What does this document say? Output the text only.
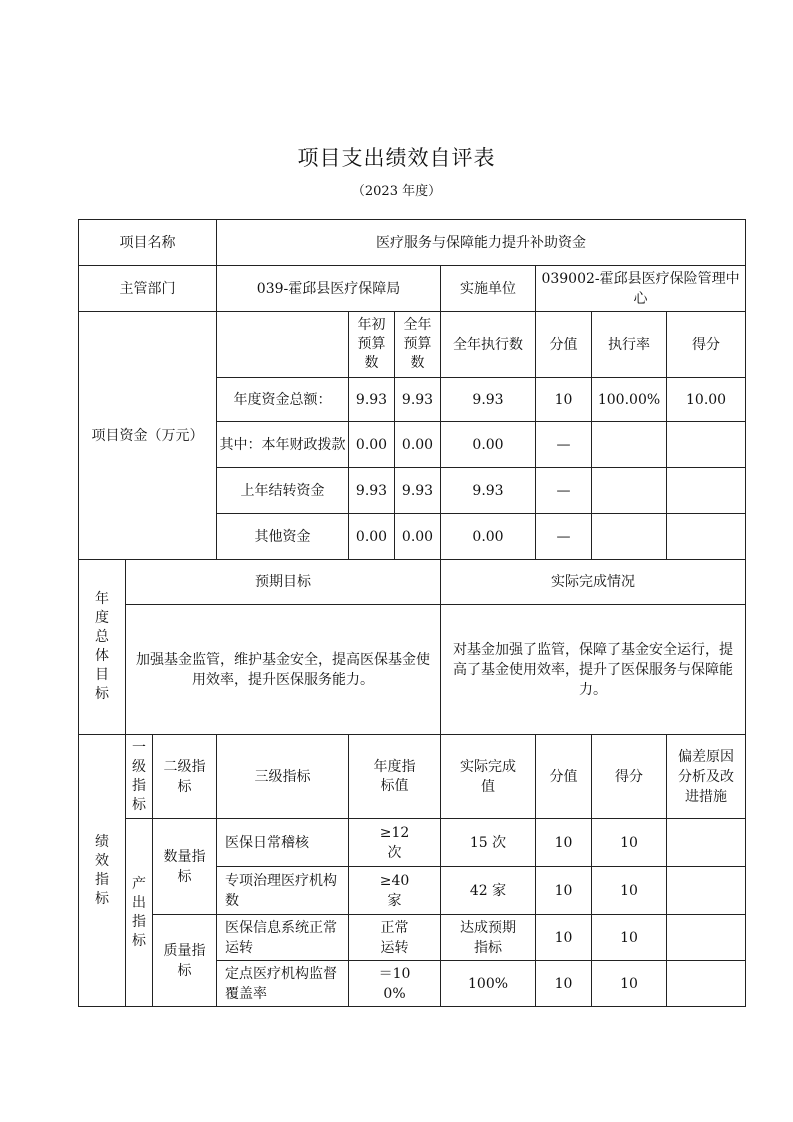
项目支出绩效自评表
（2023 年度）
项目名称			医疗服务与保障能力提升补助资金						
主管部门			039-霍邱县医疗保障局			实施单位	039002-霍邱县医疗保险管理中心		
项目资金（万元）				年初预算数	全年预算数	全年执行数	分值	执行率	得分
			年度资金总额：	9.93	9.93	9.93	10	100.00%	10.00
			其中：本年财政拨款	0.00	0.00	0.00	—		
			上年结转资金	9.93	9.93	9.93	—		
			其他资金	0.00	0.00	0.00	—		
年度总体目标	预期目标					实际完成情况			
	加强基金监管，维护基金安全，提高医保基金使用效率，提升医保服务能力。					对基金加强了监管，保障了基金安全运行，提高了基金使用效率，提升了医保服务与保障能力。			
绩效指标	一级指标	二级指标	三级指标	年度指标值		实际完成值	分值	得分	偏差原因分析及改进措施
	产出指标	数量指标	医保日常稽核	≥12次		15 次	10	10	
			专项治理医疗机构数	≥40家		42 家	10	10	
		质量指标	医保信息系统正常运转	正常运转		达成预期指标	10	10	
			定点医疗机构监督覆盖率	＝100%		100%	10	10	
